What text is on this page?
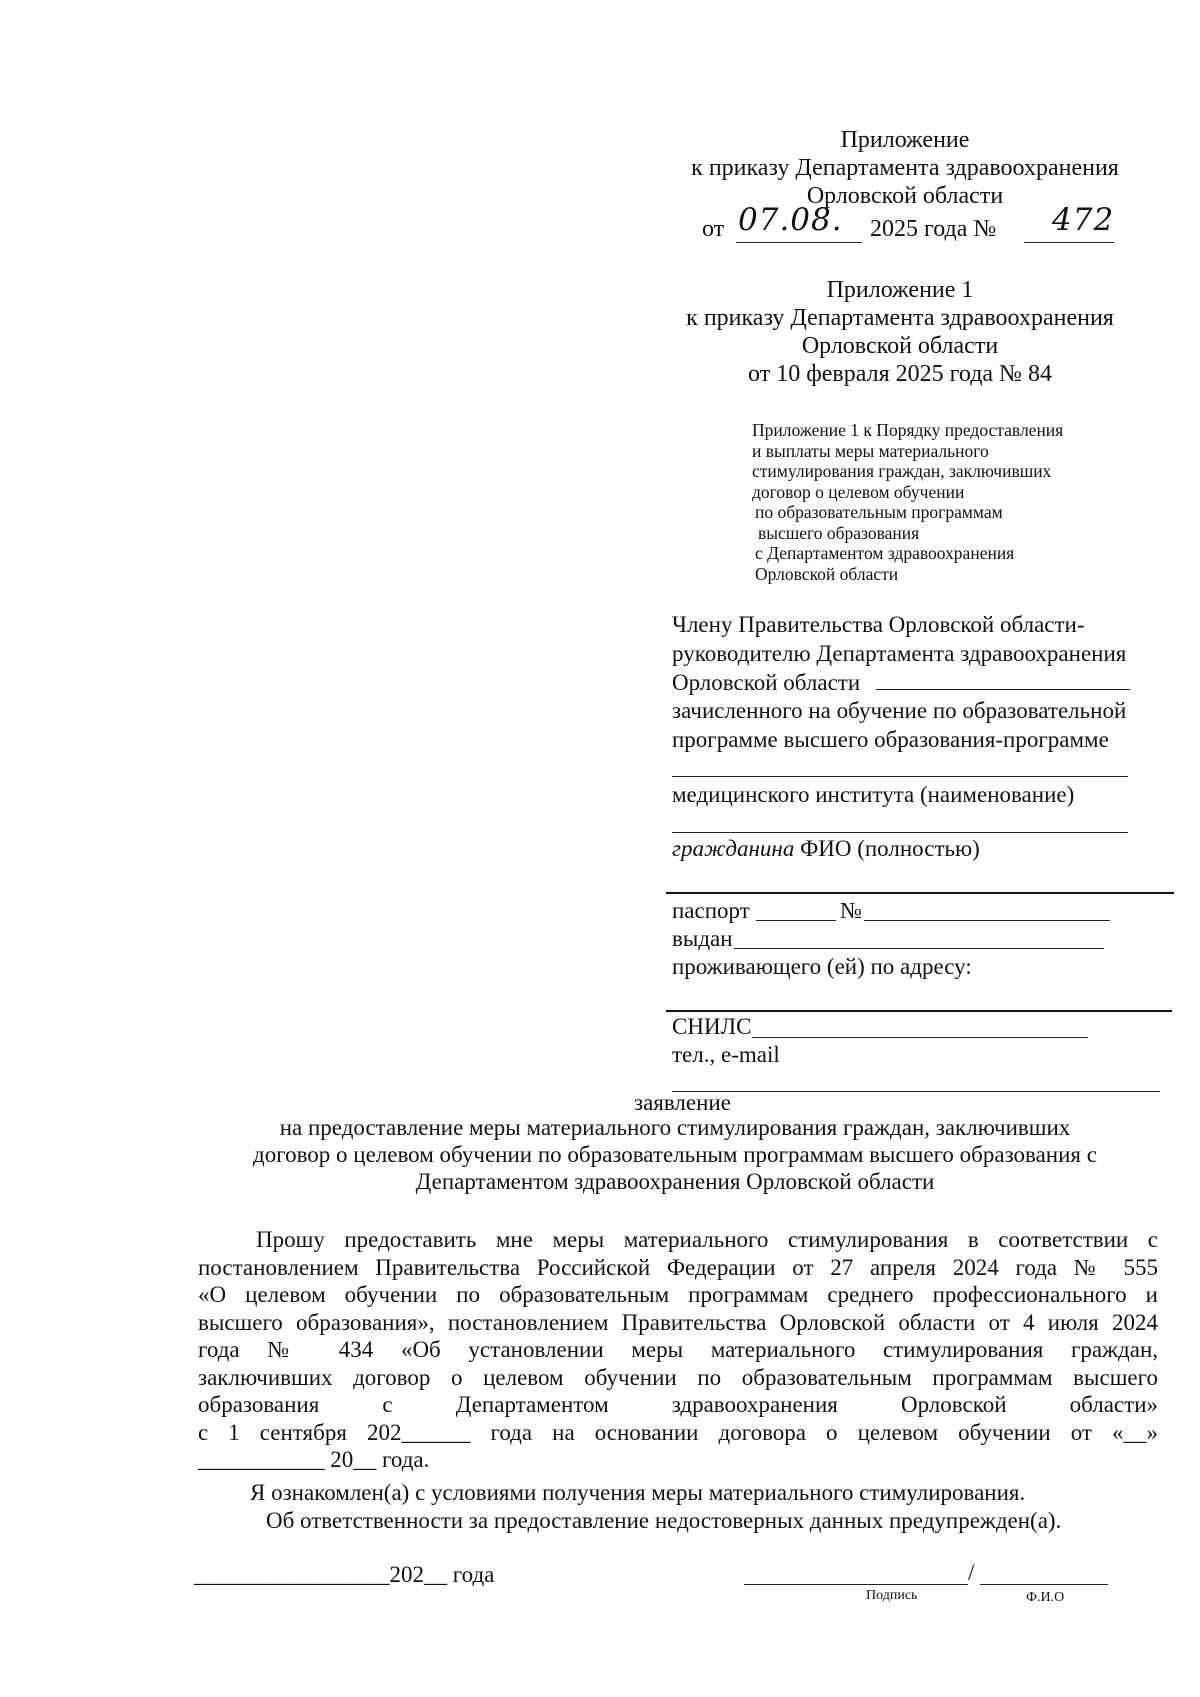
Приложение
к приказу Департамента здравоохранения
Орловской области
от 07.08. 2025 года № 472
Приложение 1
к приказу Департамента здравоохранения
Орловской области
от 10 февраля 2025 года № 84
Приложение 1 к Порядку предоставления
и выплаты меры материального
стимулирования граждан, заключивших
договор о целевом обучении
по образовательным программам
высшего образования
с Департаментом здравоохранения
Орловской области
Члену Правительства Орловской области-
руководителю Департамента здравоохранения
Орловской области
зачисленного на обучение по образовательной
программе высшего образования-программе
медицинского института (наименование)
гражданина ФИО (полностью)
паспорт	№
выдан
проживающего (ей) по адресу:
СНИЛС
тел., e-mail
заявление
на предоставление меры материального стимулирования граждан, заключивших
договор о целевом обучении по образовательным программам высшего образования с
Департаментом здравоохранения Орловской области
Прошу предоставить мне меры материального стимулирования в соответствии с
постановлением Правительства Российской Федерации от 27 апреля 2024 года № 555
«О целевом обучении по образовательным программам среднего профессионального и
высшего образования», постановлением Правительства Орловской области от 4 июля 2024
года № 434 «Об установлении меры материального стимулирования граждан,
заключивших договор о целевом обучении по образовательным программам высшего
образования с Департаментом здравоохранения Орловской области»
с 1 сентября 202______ года на основании договора о целевом обучении от «__»
___________ 20__ года.
Я ознакомлен(а) с условиями получения меры материального стимулирования.
Об ответственности за предоставление недостоверных данных предупрежден(а).
_________________202__ года	/
Подпись	Ф.И.О
